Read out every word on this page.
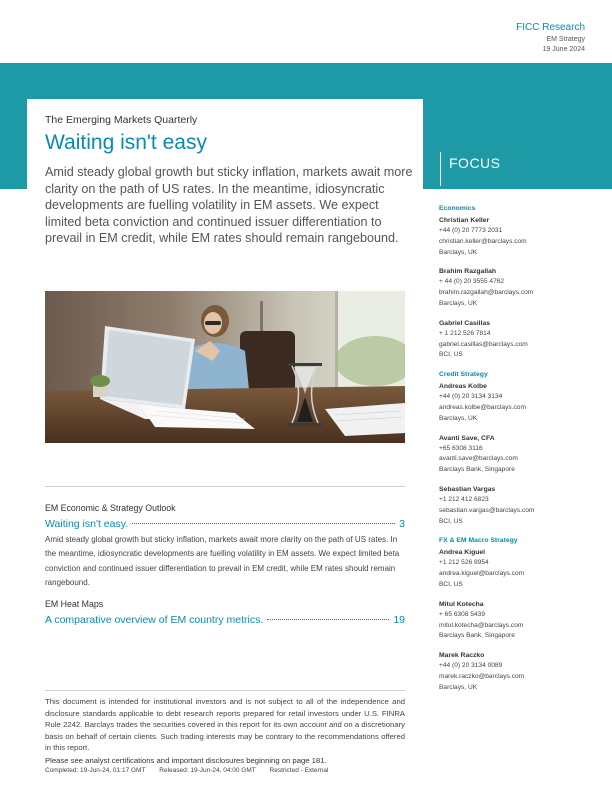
FICC Research
EM Strategy
19 June 2024
FOCUS
The Emerging Markets Quarterly
Waiting isn't easy

Amid steady global growth but sticky inflation, markets await more clarity on the path of US rates. In the meantime, idiosyncratic developments are fuelling volatility in EM assets. We expect limited beta conviction and continued issuer differentiation to prevail in EM credit, while EM rates should remain rangebound.

EM Economic & Strategy Outlook
Waiting isn't easy.	3
Amid steady global growth but sticky inflation, markets await more clarity on the path of US rates. In the meantime, idiosyncratic developments are fuelling volatility in EM assets. We expect limited beta conviction and continued issuer differentiation to prevail in EM credit, while EM rates should remain rangebound.
EM Heat Maps
A comparative overview of EM country metrics.	19

This document is intended for institutional investors and is not subject to all of the independence and disclosure standards applicable to debt research reports prepared for retail investors under U.S. FINRA Rule 2242. Barclays trades the securities covered in this report for its own account and on a discretionary basis on behalf of certain clients. Such trading interests may be contrary to the recommendations offered in this report.

Please see analyst certifications and important disclosures beginning on page 181.
Completed: 19-Jun-24, 01:17 GMT Released: 19-Jun-24, 04:00 GMT Restricted - External
Economics
Christian Keller
+44 (0) 20 7773 2031
christian.keller@barclays.com
Barclays, UK
Brahim Razgallah
+ 44 (0) 20 3555 4762
brahim.razgallah@barclays.com
Barclays, UK
Gabriel Casillas
+ 1 212 526 7814
gabriel.casillas@barclays.com
BCI, US
Credit Strategy
Andreas Kolbe
+44 (0) 20 3134 3134
andreas.kolbe@barclays.com
Barclays, UK
Avanti Save, CFA
+65 6308 3116
avanti.save@barclays.com
Barclays Bank, Singapore
Sebastian Vargas
+1 212 412 6823
sebastian.vargas@barclays.com
BCI, US
FX & EM Macro Strategy
Andrea Kiguel
+1 212 526 8954
andrea.kiguel@barclays.com
BCI, US
Mitul Kotecha
+ 65 6308 5439
mitul.kotecha@barclays.com
Barclays Bank, Singapore
Marek Raczko
+44 (0) 20 3134 0089
marek.raczko@barclays.com
Barclays, UK
